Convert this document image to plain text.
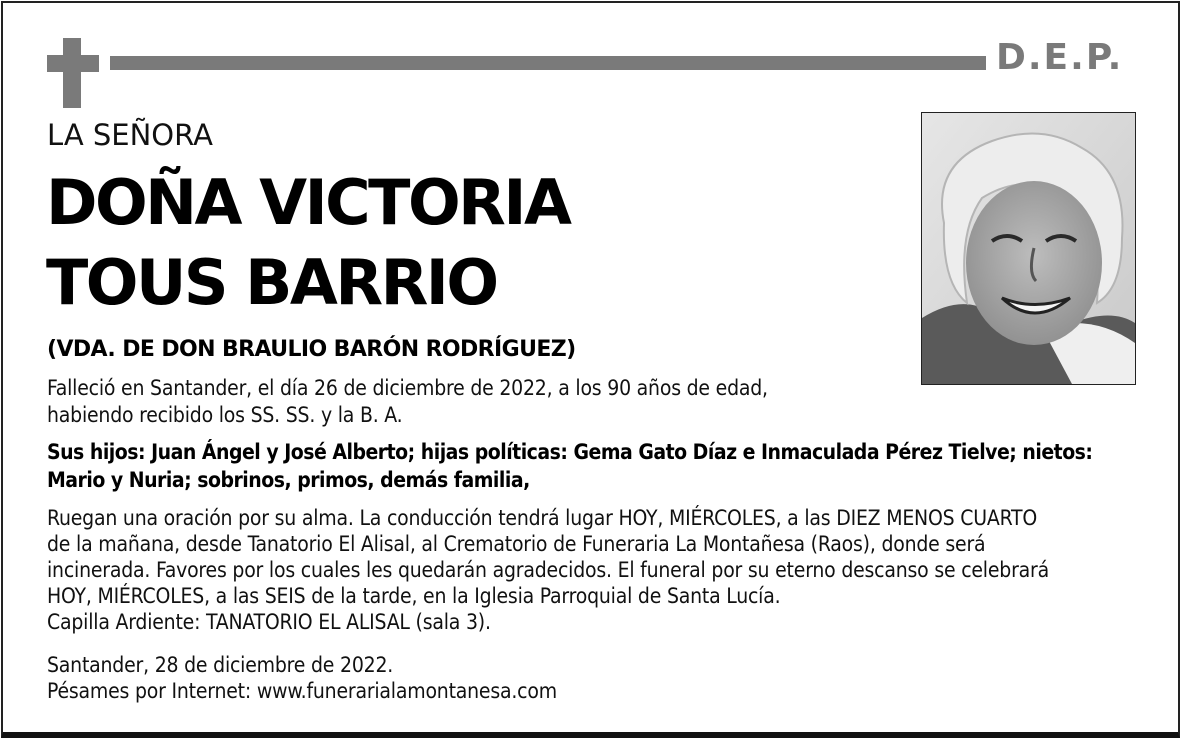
D.E.P.
LA SEÑORA
DOÑA VICTORIA
TOUS BARRIO
(VDA. DE DON BRAULIO BARÓN RODRÍGUEZ)
Falleció en Santander, el día 26 de diciembre de 2022, a los 90 años de edad,
habiendo recibido los SS. SS. y la B. A.
Sus hijos: Juan Ángel y José Alberto; hijas políticas: Gema Gato Díaz e Inmaculada Pérez Tielve; nietos:
Mario y Nuria; sobrinos, primos, demás familia,
Ruegan una oración por su alma. La conducción tendrá lugar HOY, MIÉRCOLES, a las DIEZ MENOS CUARTO
de la mañana, desde Tanatorio El Alisal, al Crematorio de Funeraria La Montañesa (Raos), donde será
incinerada. Favores por los cuales les quedarán agradecidos. El funeral por su eterno descanso se celebrará
HOY, MIÉRCOLES, a las SEIS de la tarde, en la Iglesia Parroquial de Santa Lucía.
Capilla Ardiente: TANATORIO EL ALISAL (sala 3).
Santander, 28 de diciembre de 2022.
Pésames por Internet: www.funerarialamontanesa.com
